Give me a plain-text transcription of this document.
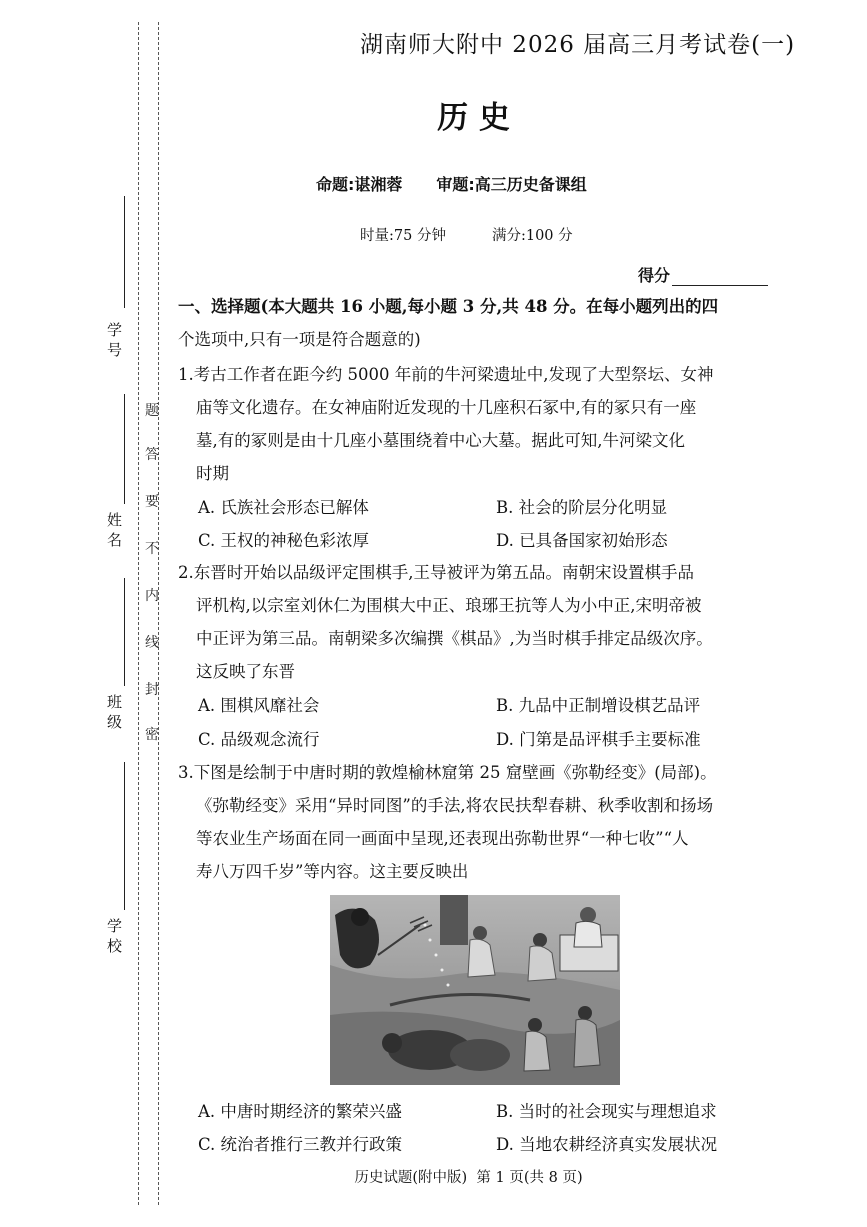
学 号
姓 名
班 级
学 校
题
答
要
不
内
线
封
密
湖南师大附中 2026 届高三月考试卷(一)
历 史
命题:谌湘蓉 审题:高三历史备课组
时量:75 分钟	满分:100 分
得分
一、选择题(本大题共 16 小题,每小题 3 分,共 48 分。在每小题列出的四
个选项中,只有一项是符合题意的)
1.考古工作者在距今约 5000 年前的牛河梁遗址中,发现了大型祭坛、女神
庙等文化遗存。在女神庙附近发现的十几座积石冢中,有的冢只有一座
墓,有的冢则是由十几座小墓围绕着中心大墓。据此可知,牛河梁文化
时期
A. 氏族社会形态已解体	B. 社会的阶层分化明显
C. 王权的神秘色彩浓厚	D. 已具备国家初始形态
2.东晋时开始以品级评定围棋手,王导被评为第五品。南朝宋设置棋手品
评机构,以宗室刘休仁为围棋大中正、琅琊王抗等人为小中正,宋明帝被
中正评为第三品。南朝梁多次编撰《棋品》,为当时棋手排定品级次序。
这反映了东晋
A. 围棋风靡社会	B. 九品中正制增设棋艺品评
C. 品级观念流行	D. 门第是品评棋手主要标准
3.下图是绘制于中唐时期的敦煌榆林窟第 25 窟壁画《弥勒经变》(局部)。
《弥勒经变》采用“异时同图”的手法,将农民扶犁春耕、秋季收割和扬场
等农业生产场面在同一画面中呈现,还表现出弥勒世界“一种七收”“人
寿八万四千岁”等内容。这主要反映出
A. 中唐时期经济的繁荣兴盛	B. 当时的社会现实与理想追求
C. 统治者推行三教并行政策	D. 当地农耕经济真实发展状况
历史试题(附中版)  第 1 页(共 8 页)
